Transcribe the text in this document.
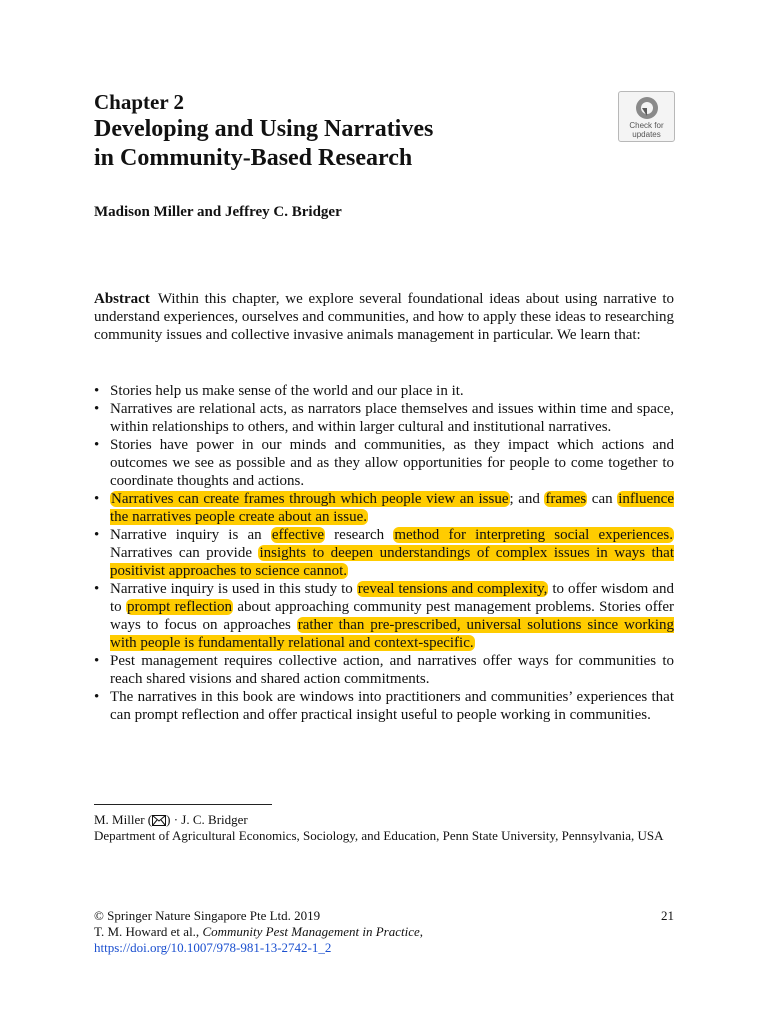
Chapter 2
Developing and Using Narratives
in Community-Based Research
Check for
updates
Madison Miller and Jeffrey C. Bridger
Abstract Within this chapter, we explore several foundational ideas about using narrative to understand experiences, ourselves and communities, and how to apply these ideas to researching community issues and collective invasive animals management in particular. We learn that:
• Stories help us make sense of the world and our place in it.
• Narratives are relational acts, as narrators place themselves and issues within time and space, within relationships to others, and within larger cultural and institutional narratives.
• Stories have power in our minds and communities, as they impact which actions and outcomes we see as possible and as they allow opportunities for people to come together to coordinate thoughts and actions.
• Narratives can create frames through which people view an issue; and frames can influence the narratives people create about an issue.
• Narrative inquiry is an effective research method for interpreting social experiences. Narratives can provide insights to deepen understandings of complex issues in ways that positivist approaches to science cannot.
• Narrative inquiry is used in this study to reveal tensions and complexity, to offer wisdom and to prompt reflection about approaching community pest management problems. Stories offer ways to focus on approaches rather than pre-prescribed, universal solutions since working with people is fundamentally relational and context-specific.
• Pest management requires collective action, and narratives offer ways for communities to reach shared visions and shared action commitments.
• The narratives in this book are windows into practitioners and communities’ experiences that can prompt reflection and offer practical insight useful to people working in communities.
M. Miller ( ) · J. C. Bridger
Department of Agricultural Economics, Sociology, and Education, Penn State University, Pennsylvania, USA
© Springer Nature Singapore Pte Ltd. 2019
T. M. Howard et al., Community Pest Management in Practice,
https://doi.org/10.1007/978-981-13-2742-1_2
21
